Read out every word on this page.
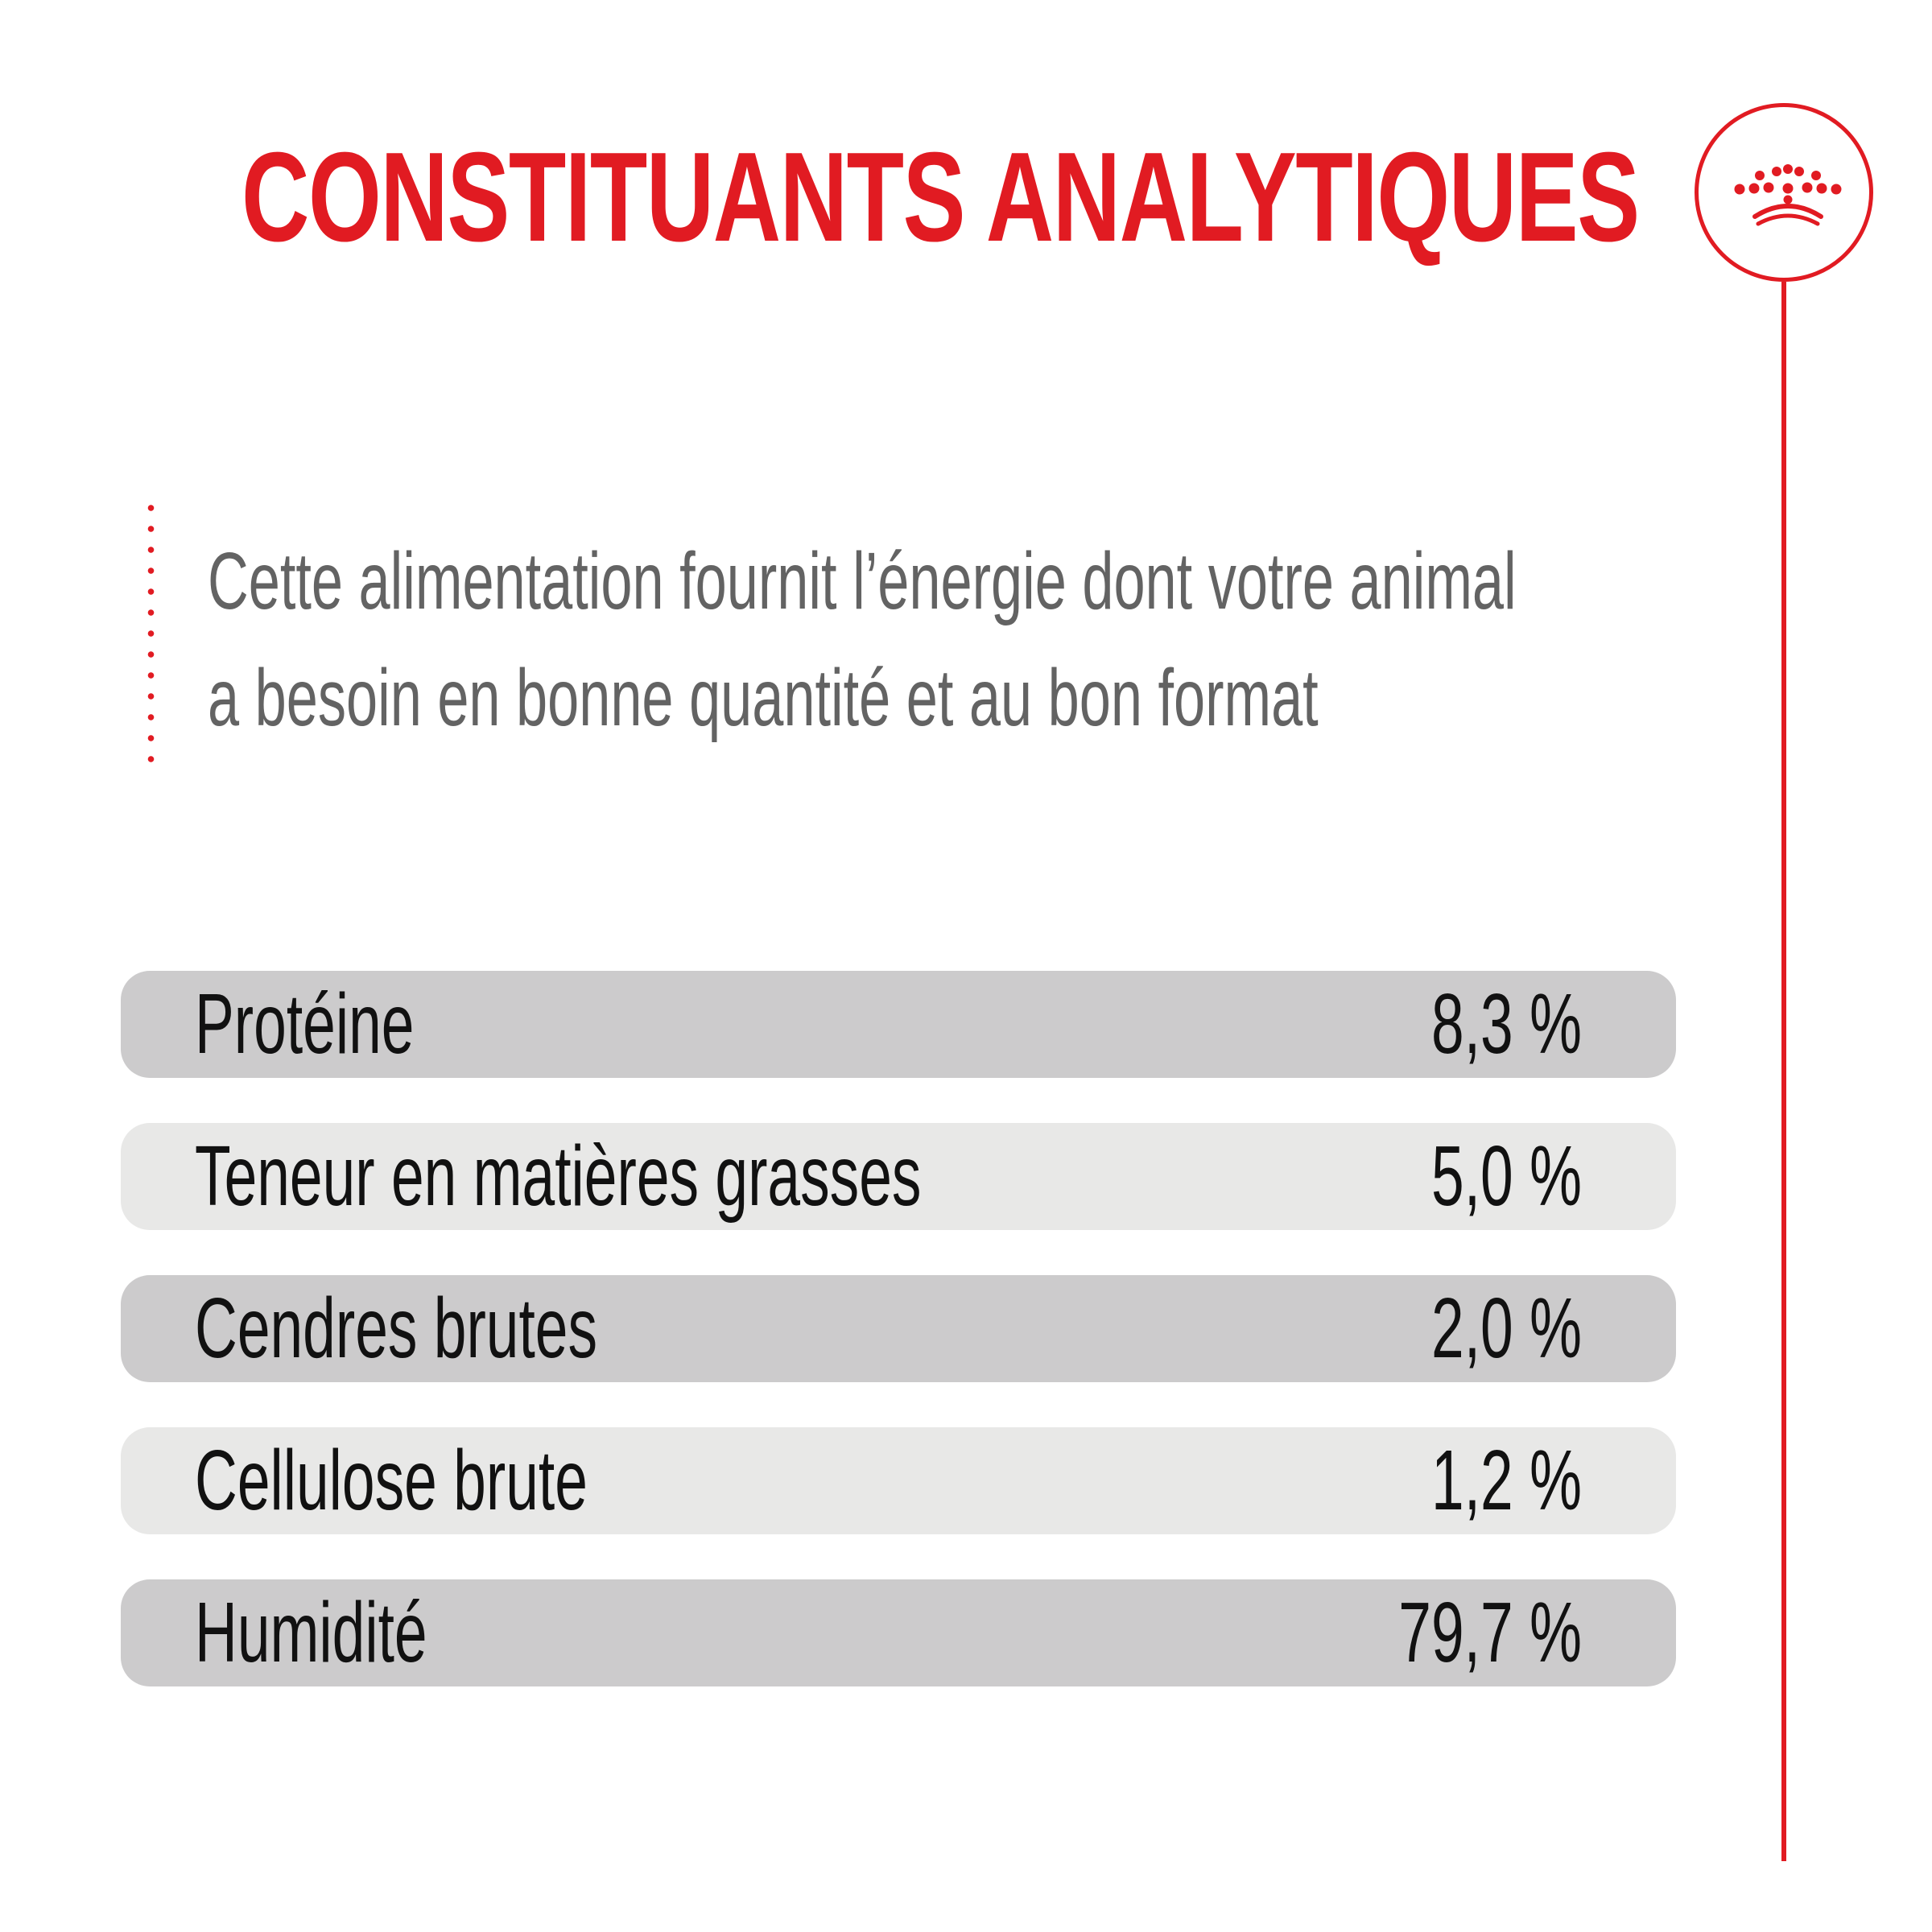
CONSTITUANTS ANALYTIQUES

Cette alimentation fournit l’énergie dont votre animal
a besoin en bonne quantité et au bon format

Protéine	8,3 %
Teneur en matières grasses	5,0 %
Cendres brutes	2,0 %
Cellulose brute	1,2 %
Humidité	79,7 %
